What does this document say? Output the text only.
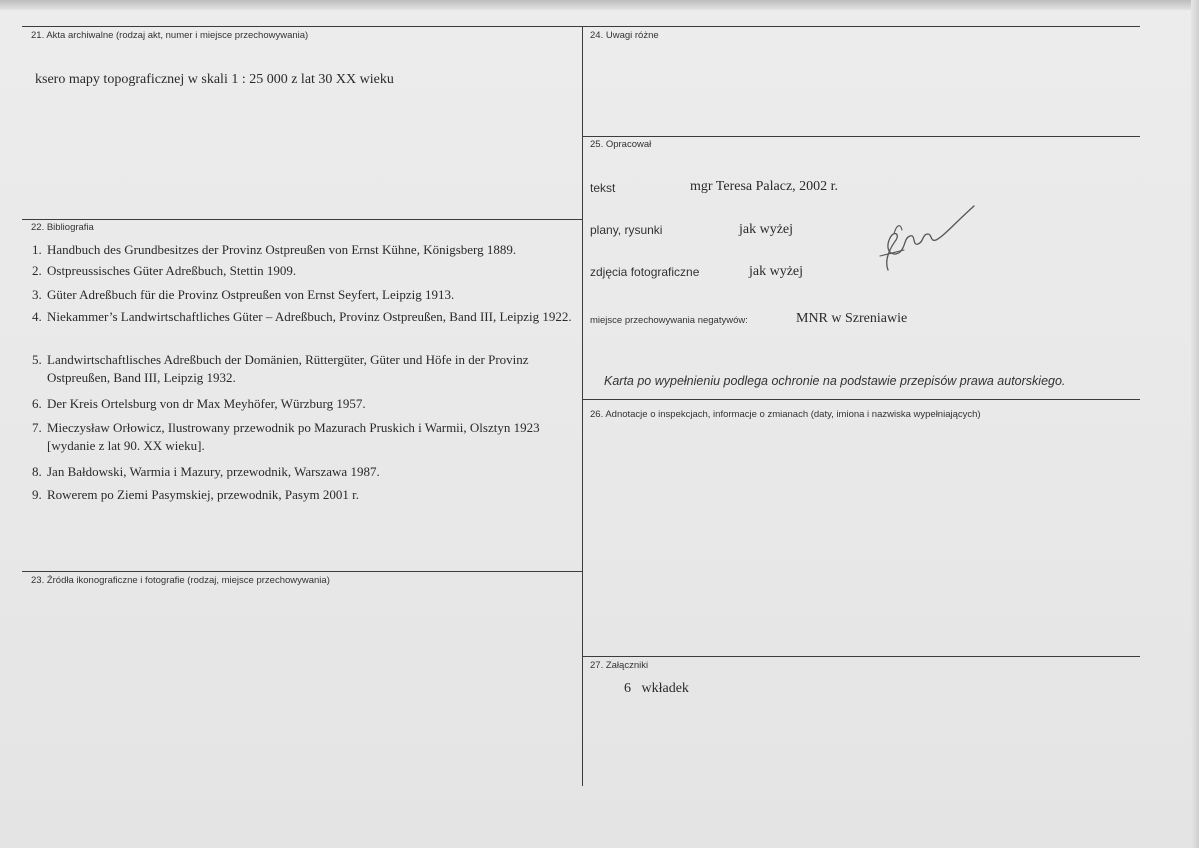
21. Akta archiwalne (rodzaj akt, numer i miejsce przechowywania)
ksero mapy topograficznej w skali 1 : 25 000 z lat 30 XX wieku
22. Bibliografia
1. Handbuch des Grundbesitzes der Provinz Ostpreußen von Ernst Kühne, Königsberg 1889.
2. Ostpreussisches Güter Adreßbuch, Stettin 1909.
3. Güter Adreßbuch für die Provinz Ostpreußen von Ernst Seyfert, Leipzig 1913.
4. Niekammer’s Landwirtschaftliches Güter – Adreßbuch, Provinz Ostpreußen, Band III, Leipzig 1922.
5. Landwirtschaftlisches Adreßbuch der Domänien, Rüttergüter, Güter und Höfe in der Provinz Ostpreußen, Band III, Leipzig 1932.
6. Der Kreis Ortelsburg von dr Max Meyhöfer, Würzburg 1957.
7. Mieczysław Orłowicz, Ilustrowany przewodnik po Mazurach Pruskich i Warmii, Olsztyn 1923 [wydanie z lat 90. XX wieku].
8. Jan Bałdowski, Warmia i Mazury, przewodnik, Warszawa 1987.
9. Rowerem po Ziemi Pasymskiej, przewodnik, Pasym 2001 r.
23. Źródła ikonograficzne i fotografie (rodzaj, miejsce przechowywania)
24. Uwagi różne
25. Opracował
tekst	mgr Teresa Palacz, 2002 r.
plany, rysunki	jak wyżej
zdjęcia fotograficzne	jak wyżej
miejsce przechowywania negatywów:	MNR w Szreniawie
Karta po wypełnieniu podlega ochronie na podstawie przepisów prawa autorskiego.
26. Adnotacje o inspekcjach, informacje o zmianach (daty, imiona i nazwiska wypełniających)
27. Załączniki
6   wkładek
